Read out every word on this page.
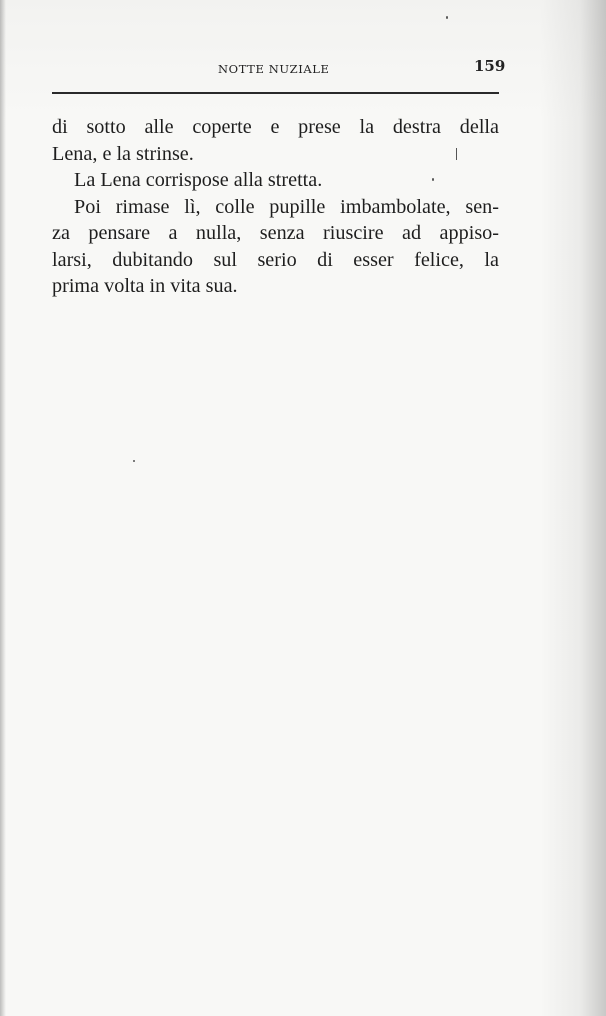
NOTTE NUZIALE	159
di sotto alle coperte e prese la destra della
Lena, e la strinse.
La Lena corrispose alla stretta.
Poi rimase lì, colle pupille imbambolate, sen-
za pensare a nulla, senza riuscire ad appiso-
larsi, dubitando sul serio di esser felice, la
prima volta in vita sua.
